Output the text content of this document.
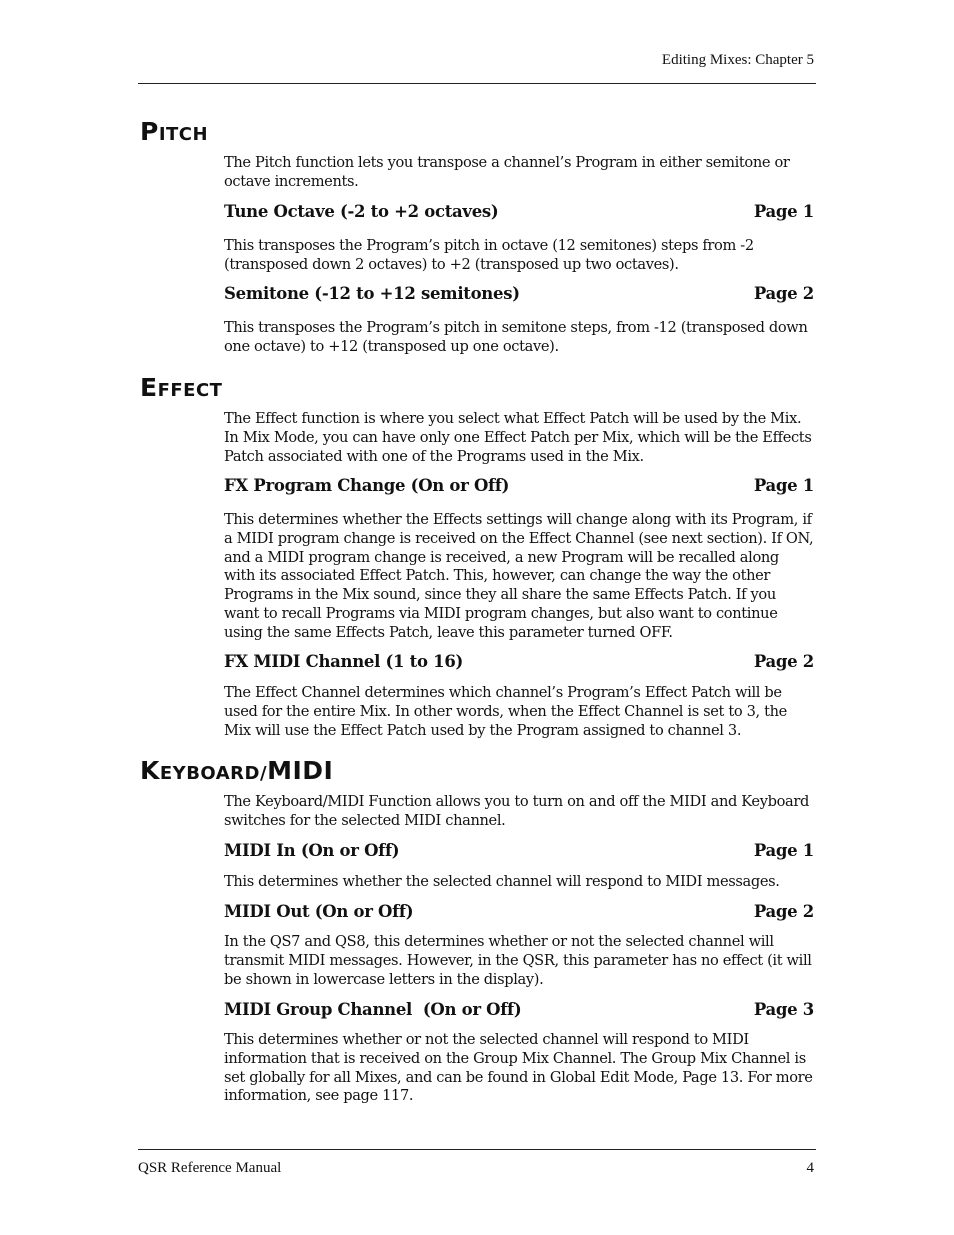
Editing Mixes: Chapter 5
PITCH

The Pitch function lets you transpose a channel’s Program in either semitone or octave increments.

Tune Octave (-2 to +2 octaves)	Page 1

This transposes the Program’s pitch in octave (12 semitones) steps from -2 (transposed down 2 octaves) to +2 (transposed up two octaves).

Semitone (-12 to +12 semitones)	Page 2

This transposes the Program’s pitch in semitone steps, from -12 (transposed down one octave) to +12 (transposed up one octave).

EFFECT

The Effect function is where you select what Effect Patch will be used by the Mix. In Mix Mode, you can have only one Effect Patch per Mix, which will be the Effects Patch associated with one of the Programs used in the Mix.

FX Program Change (On or Off)	Page 1

This determines whether the Effects settings will change along with its Program, if a MIDI program change is received on the Effect Channel (see next section). If ON, and a MIDI program change is received, a new Program will be recalled along with its associated Effect Patch. This, however, can change the way the other Programs in the Mix sound, since they all share the same Effects Patch. If you want to recall Programs via MIDI program changes, but also want to continue using the same Effects Patch, leave this parameter turned OFF.

FX MIDI Channel (1 to 16)	Page 2

The Effect Channel determines which channel’s Program’s Effect Patch will be used for the entire Mix. In other words, when the Effect Channel is set to 3, the Mix will use the Effect Patch used by the Program assigned to channel 3.

KEYBOARD/MIDI

The Keyboard/MIDI Function allows you to turn on and off the MIDI and Keyboard switches for the selected MIDI channel.

MIDI In (On or Off)	Page 1

This determines whether the selected channel will respond to MIDI messages.

MIDI Out (On or Off)	Page 2

In the QS7 and QS8, this determines whether or not the selected channel will transmit MIDI messages. However, in the QSR, this parameter has no effect (it will be shown in lowercase letters in the display).

MIDI Group Channel  (On or Off)	Page 3

This determines whether or not the selected channel will respond to MIDI information that is received on the Group Mix Channel. The Group Mix Channel is set globally for all Mixes, and can be found in Global Edit Mode, Page 13. For more information, see page 117.

QSR Reference Manual	4
